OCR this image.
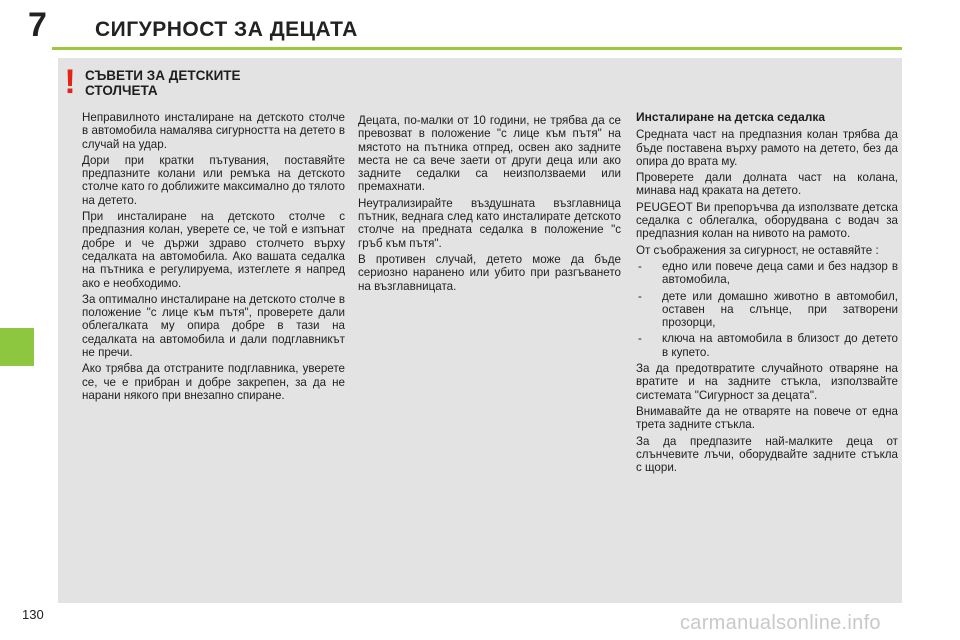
7 СИГУРНОСТ ЗА ДЕЦАТА
! СЪВЕТИ ЗА ДЕТСКИТЕ
СТОЛЧЕТА

Неправилното инсталиране на детското столче в автомобила намалява сигурността на детето в случай на удар.

Дори при кратки пътувания, поставяйте предпазните колани или ремъка на детското столче като го доближите максимално до тялото на детето.

При инсталиране на детското столче с предпазния колан, уверете се, че той е изпънат добре и че държи здраво столчето върху седалката на автомобила. Ако вашата седалка на пътника е регулируема, изтеглете я напред ако е необходимо.

За оптимално инсталиране на детското столче в положение "с лице към пътя", проверете дали облегалката му опира добре в тази на седалката на автомобила и дали подглавникът не пречи.

Ако трябва да отстраните подглавника, уверете се, че е прибран и добре закрепен, за да не нарани някого при внезапно спиране.

Децата, по-малки от 10 години, не трябва да се превозват в положение "с лице към пътя" на мястото на пътника отпред, освен ако задните места не са вече заети от други деца или ако задните седалки са неизползваеми или премахнати.

Неутрализирайте въздушната възглавница пътник, веднага след като инсталирате детското столче на предната седалка в положение "с гръб към пътя".

В противен случай, детето може да бъде сериозно наранено или убито при разгъването на възглавницата.

Инсталиране на детска седалка

Средната част на предпазния колан трябва да бъде поставена върху рамото на детето, без да опира до врата му.

Проверете дали долната част на колана, минава над краката на детето.

PEUGEOT Ви препоръчва да използвате детска седалка с облегалка, оборудвана с водач за предпазния колан на нивото на рамото.

От съображения за сигурност, не оставяйте :

- едно или повече деца сами и без надзор в автомобила,
- дете или домашно животно в автомобил, оставен на слънце, при затворени прозорци,
- ключа на автомобила в близост до детето в купето.

За да предотвратите случайното отваряне на вратите и на задните стъкла, използвайте системата "Сигурност за децата".

Внимавайте да не отваряте на повече от една трета задните стъкла.

За да предпазите най-малките деца от слънчевите лъчи, оборудвайте задните стъкла с щори.

130	carmanualsonline.info
